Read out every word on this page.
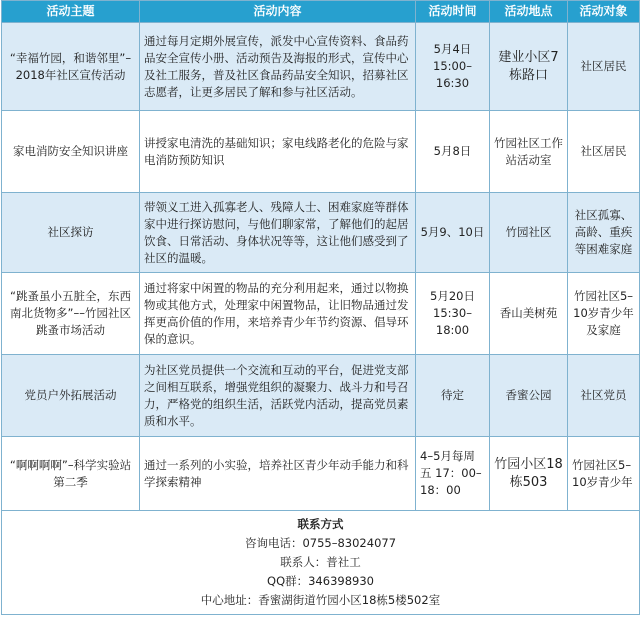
活动主题	活动内容	活动时间	活动地点	活动对象
“幸福竹园，和谐邻里”–2018年社区宣传活动	通过每月定期外展宣传，派发中心宣传资料、食品药品安全宣传小册、活动预告及海报的形式，宣传中心及社工服务，普及社区食品药品安全知识，招募社区志愿者，让更多居民了解和参与社区活动。	5月4日 15:00–16:30	建业小区7栋路口	社区居民
家电消防安全知识讲座	讲授家电清洗的基础知识；家电线路老化的危险与家电消防预防知识	5月8日	竹园社区工作站活动室	社区居民
社区探访	带领义工进入孤寡老人、残障人士、困难家庭等群体家中进行探访慰问，与他们聊家常，了解他们的起居饮食、日常活动、身体状况等等，这让他们感受到了社区的温暖。	5月9、10日	竹园社区	社区孤寡、高龄、重疾等困难家庭
“跳蚤虽小五脏全，东西南北货物多”––竹园社区跳蚤市场活动	通过将家中闲置的物品的充分利用起来，通过以物换物或其他方式，处理家中闲置物品，让旧物品通过发挥更高价值的作用，来培养青少年节约资源、倡导环保的意识。	5月20日 15:30–18:00	香山美树苑	竹园社区5–10岁青少年及家庭
党员户外拓展活动	为社区党员提供一个交流和互动的平台，促进党支部之间相互联系，增强党组织的凝聚力、战斗力和号召力，严格党的组织生活，活跃党内活动，提高党员素质和水平。	待定	香蜜公园	社区党员
“啊啊啊啊”–科学实验站第二季	通过一系列的小实验，培养社区青少年动手能力和科学探索精神	4–5月每周五 17：00–18：00	竹园小区18栋503	竹园社区5–10岁青少年

联系方式
咨询电话：0755–83024077
联系人：普社工
QQ群：346398930
中心地址：香蜜湖街道竹园小区18栋5楼502室				
